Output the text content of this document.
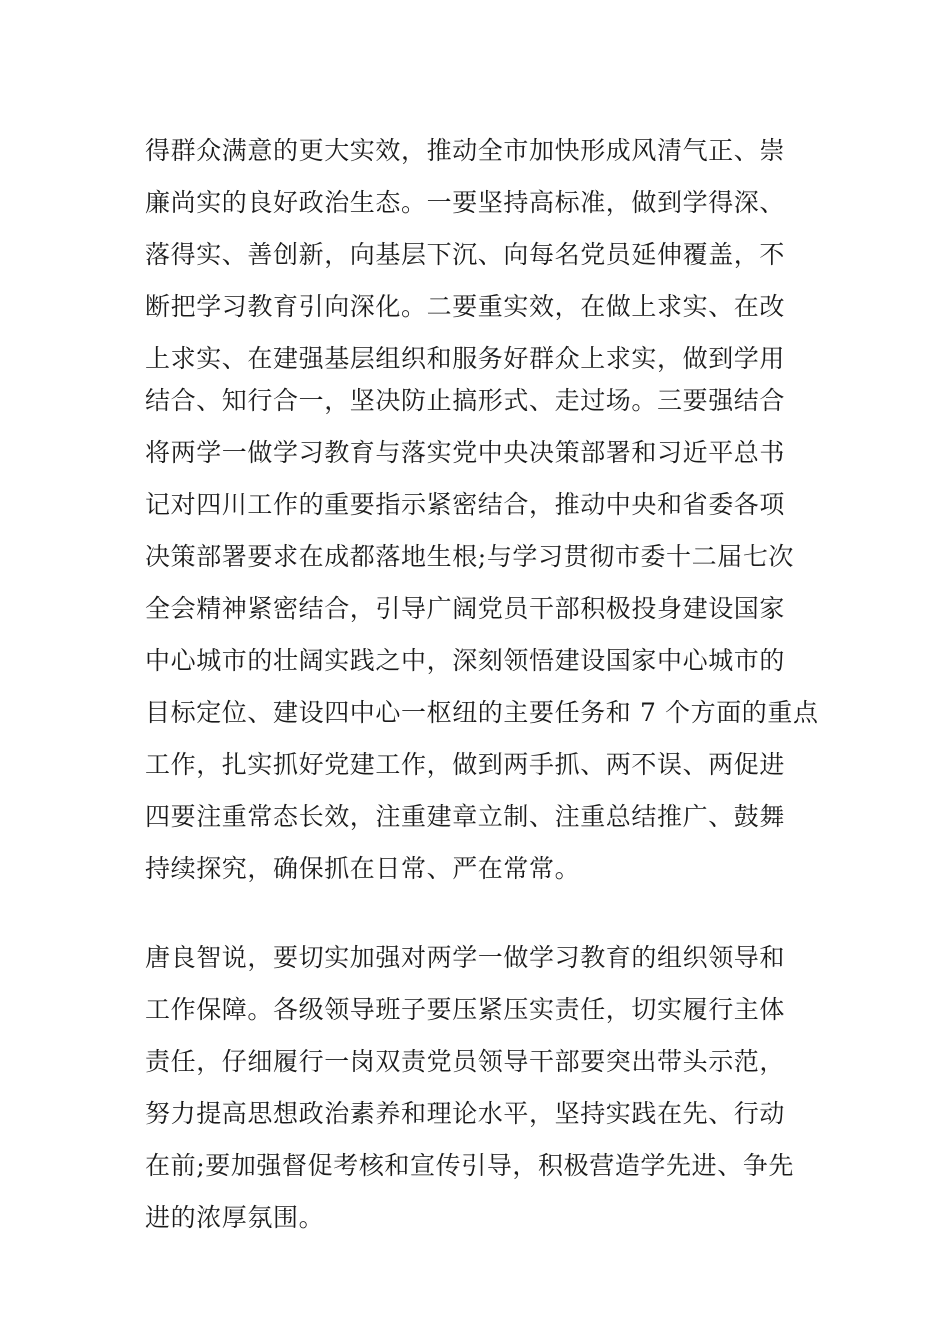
得群众满意的更大实效，推动全市加快形成风清气正、崇
廉尚实的良好政治生态。一要坚持高标准，做到学得深、
落得实、善创新，向基层下沉、向每名党员延伸覆盖，不
断把学习教育引向深化。二要重实效，在做上求实、在改
上求实、在建强基层组织和服务好群众上求实，做到学用
结合、知行合一，坚决防止搞形式、走过场。三要强结合
将两学一做学习教育与落实党中央决策部署和习近平总书
记对四川工作的重要指示紧密结合，推动中央和省委各项
决策部署要求在成都落地生根;与学习贯彻市委十二届七次
全会精神紧密结合，引导广阔党员干部积极投身建设国家
中心城市的壮阔实践之中，深刻领悟建设国家中心城市的
目标定位、建设四中心一枢纽的主要任务和 7 个方面的重点
工作，扎实抓好党建工作，做到两手抓、两不误、两促进
四要注重常态长效，注重建章立制、注重总结推广、鼓舞
持续探究，确保抓在日常、严在常常。
唐良智说，要切实加强对两学一做学习教育的组织领导和
工作保障。各级领导班子要压紧压实责任，切实履行主体
责任，仔细履行一岗双责党员领导干部要突出带头示范，
努力提高思想政治素养和理论水平，坚持实践在先、行动
在前;要加强督促考核和宣传引导，积极营造学先进、争先
进的浓厚氛围。
